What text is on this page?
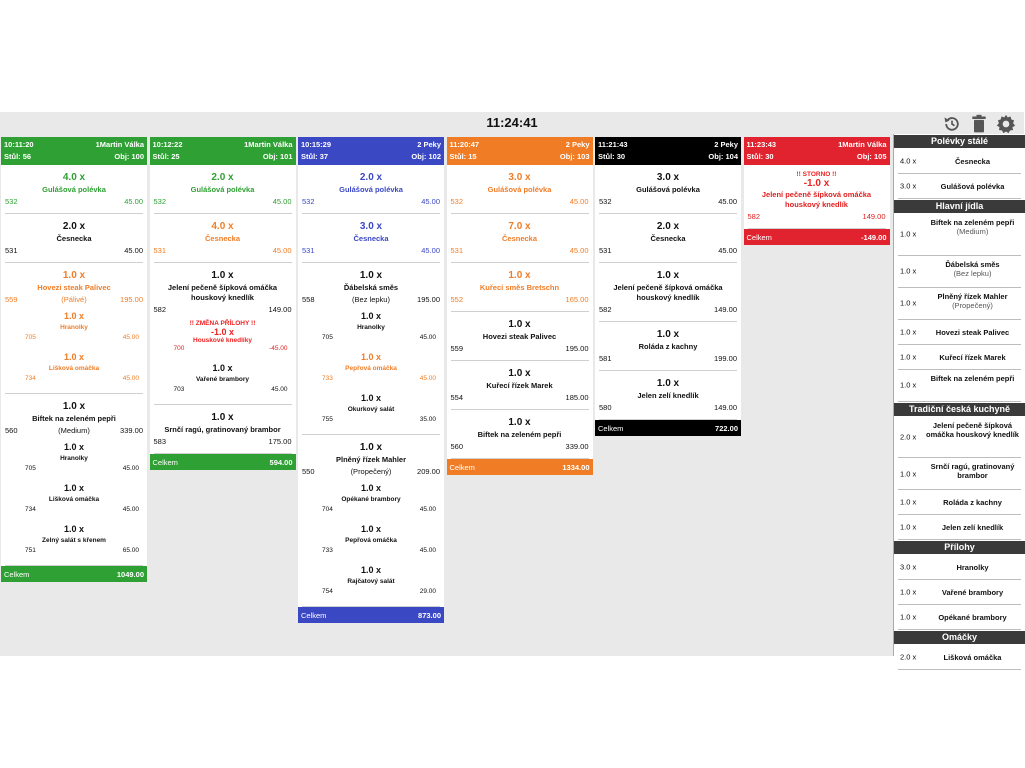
11:24:41
10:11:20	1Martin Válka
Stůl: 56	Obj: 100
4.0 x
Gulášová polévka
532	45.00
2.0 x
Česnecka
531	45.00
1.0 x
Hovezi steak Palivec
559	(Pálivé)	195.00
1.0 x
Hranolky
705	45.00
1.0 x
Lišková omáčka
734	45.00
1.0 x
Biftek na zeleném pepři
560	(Medium)	339.00
1.0 x
Hranolky
705	45.00
1.0 x
Lišková omáčka
734	45.00
1.0 x
Zelný salát s křenem
751	65.00
Celkem	1049.00
10:12:22	1Martin Válka
Stůl: 25	Obj: 101
2.0 x
Gulášová polévka
532	45.00
4.0 x
Česnecka
531	45.00
1.0 x
Jelení pečeně šípková omáčka houskový knedlík
582	149.00
!! ZMĚNA PŘÍLOHY !!
-1.0 x
Houskové knedlíky
700	-45.00
1.0 x
Vařené brambory
703	45.00
1.0 x
Srnčí ragú, gratinovaný brambor
583	175.00
Celkem	594.00
10:15:29	2 Peky
Stůl: 37	Obj: 102
2.0 x
Gulášová polévka
532	45.00
3.0 x
Česnecka
531	45.00
1.0 x
Ďábelská směs
558	(Bez lepku)	195.00
1.0 x
Hranolky
705	45.00
1.0 x
Pepřová omáčka
733	45.00
1.0 x
Okurkový salát
755	35.00
1.0 x
Plněný řízek Mahler
550	(Propečený)	209.00
1.0 x
Opékané brambory
704	45.00
1.0 x
Pepřová omáčka
733	45.00
1.0 x
Rajčatový salát
754	29.00
Celkem	873.00
11:20:47	2 Peky
Stůl: 15	Obj: 103
3.0 x
Gulášová polévka
532	45.00
7.0 x
Česnecka
531	45.00
1.0 x
Kuřecí směs Bretschn
552	165.00
1.0 x
Hovezi steak Palivec
559	195.00
1.0 x
Kuřecí řízek Marek
554	185.00
1.0 x
Biftek na zeleném pepři
560	339.00
Celkem	1334.00
11:21:43	2 Peky
Stůl: 30	Obj: 104
3.0 x
Gulášová polévka
532	45.00
2.0 x
Česnecka
531	45.00
1.0 x
Jelení pečeně šípková omáčka houskový knedlík
582	149.00
1.0 x
Roláda z kachny
581	199.00
1.0 x
Jelen zelí knedlík
580	149.00
Celkem	722.00
11:23:43	1Martin Válka
Stůl: 30	Obj: 105
!! STORNO !!
-1.0 x
Jelení pečeně šípková omáčka houskový knedlík
582	149.00
Celkem	-149.00
Polévky stálé
4.0 x	Česnecka
3.0 x	Gulášová polévka
Hlavní jídla
1.0 x
Biftek na zeleném pepři
(Medium)
1.0 x
Ďábelská směs
(Bez lepku)
1.0 x
Plněný řízek Mahler
(Propečený)
1.0 x	Hovezi steak Palivec
1.0 x	Kuřecí řízek Marek
1.0 x
Biftek na zeleném pepři
Tradiční česká kuchyně
2.0 x
Jelení pečeně šípková omáčka houskový knedlík
1.0 x
Srnčí ragú, gratinovaný brambor
1.0 x	Roláda z kachny
1.0 x	Jelen zelí knedlík
Přílohy
3.0 x	Hranolky
1.0 x	Vařené brambory
1.0 x	Opékané brambory
Omáčky
2.0 x	Lišková omáčka
